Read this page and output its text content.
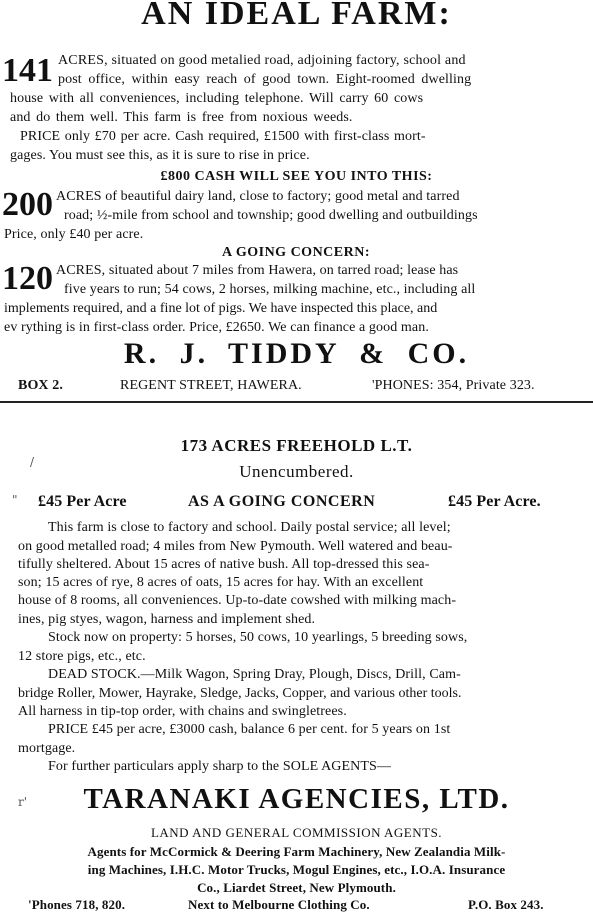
AN IDEAL FARM:
141 ACRES, situated on good metalied road, adjoining factory, school and
post office, within easy reach of good town. Eight-roomed dwelling
house with all conveniences, including telephone. Will carry 60 cows
and do them well. This farm is free from noxious weeds.
PRICE only £70 per acre. Cash required, £1500 with first-class mort-
gages. You must see this, as it is sure to rise in price.
£800 CASH WILL SEE YOU INTO THIS:
200 ACRES of beautiful dairy land, close to factory; good metal and tarred
road; ½-mile from school and township; good dwelling and outbuildings
Price, only £40 per acre.
A GOING CONCERN:
120 ACRES, situated about 7 miles from Hawera, on tarred road; lease has
five years to run; 54 cows, 2 horses, milking machine, etc., including all
implements required, and a fine lot of pigs. We have inspected this place, and
ev rything is in first-class order. Price, £2650. We can finance a good man.
R. J. TIDDY & CO.
BOX 2.	REGENT STREET, HAWERA.	'PHONES: 354, Private 323.
173 ACRES FREEHOLD L.T.
Unencumbered.
/
" £45 Per Acre	AS A GOING CONCERN	£45 Per Acre.
This farm is close to factory and school. Daily postal service; all level;
on good metalled road; 4 miles from New Pymouth. Well watered and beau-
tifully sheltered. About 15 acres of native bush. All top-dressed this sea-
son; 15 acres of rye, 8 acres of oats, 15 acres for hay. With an excellent
house of 8 rooms, all conveniences. Up-to-date cowshed with milking mach-
ines, pig styes, wagon, harness and implement shed.
Stock now on property: 5 horses, 50 cows, 10 yearlings, 5 breeding sows,
12 store pigs, etc., etc.
DEAD STOCK.—Milk Wagon, Spring Dray, Plough, Discs, Drill, Cam-
bridge Roller, Mower, Hayrake, Sledge, Jacks, Copper, and various other tools.
All harness in tip-top order, with chains and swingletrees.
PRICE £45 per acre, £3000 cash, balance 6 per cent. for 5 years on 1st
mortgage.
For further particulars apply sharp to the SOLE AGENTS—
r'	TARANAKI AGENCIES, LTD.
LAND AND GENERAL COMMISSION AGENTS.
Agents for McCormick & Deering Farm Machinery, New Zealandia Milk-
ing Machines, I.H.C. Motor Trucks, Mogul Engines, etc., I.O.A. Insurance
Co., Liardet Street, New Plymouth.
'Phones 718, 820.	Next to Melbourne Clothing Co.	P.O. Box 243.
